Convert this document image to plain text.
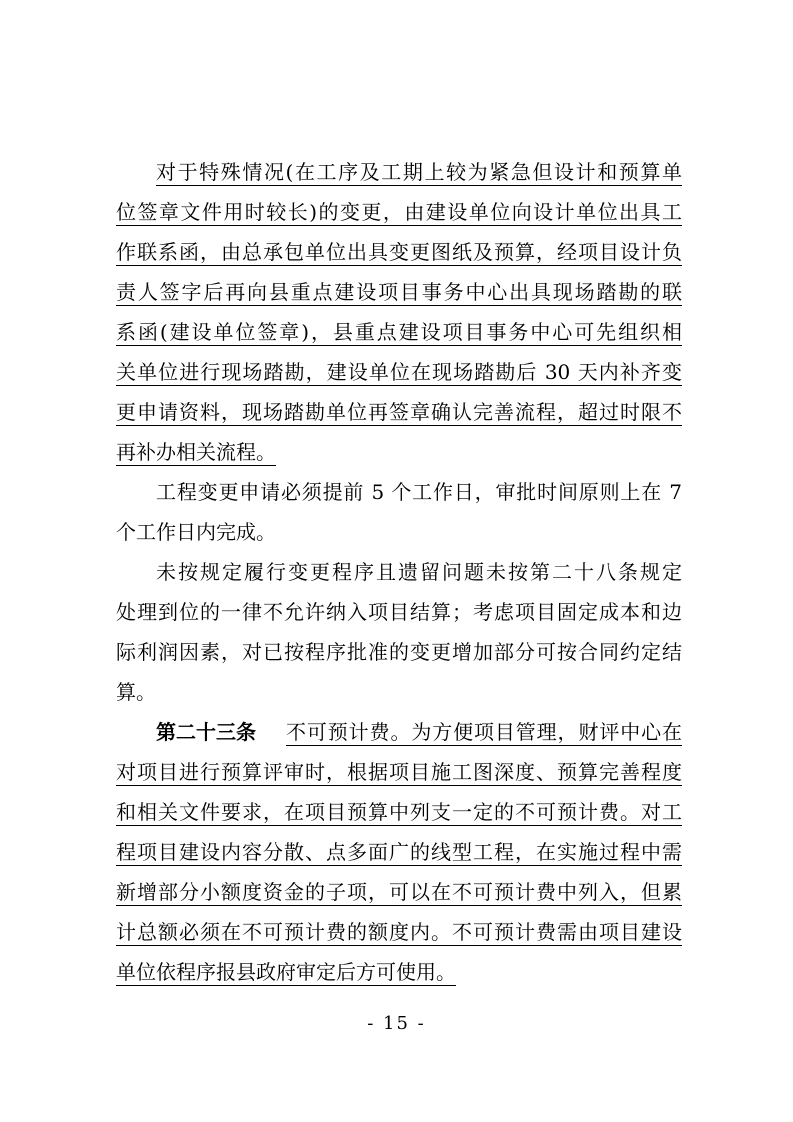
对于特殊情况(在工序及工期上较为紧急但设计和预算单
位签章文件用时较长)的变更，由建设单位向设计单位出具工
作联系函，由总承包单位出具变更图纸及预算，经项目设计负
责人签字后再向县重点建设项目事务中心出具现场踏勘的联
系函(建设单位签章)，县重点建设项目事务中心可先组织相
关单位进行现场踏勘，建设单位在现场踏勘后 30 天内补齐变
更申请资料，现场踏勘单位再签章确认完善流程，超过时限不
再补办相关流程。
工程变更申请必须提前 5 个工作日，审批时间原则上在 7
个工作日内完成。
未按规定履行变更程序且遗留问题未按第二十八条规定
处理到位的一律不允许纳入项目结算；考虑项目固定成本和边
际利润因素，对已按程序批准的变更增加部分可按合同约定结
算。
第二十三条 不可预计费。为方便项目管理，财评中心在
对项目进行预算评审时，根据项目施工图深度、预算完善程度
和相关文件要求，在项目预算中列支一定的不可预计费。对工
程项目建设内容分散、点多面广的线型工程，在实施过程中需
新增部分小额度资金的子项，可以在不可预计费中列入，但累
计总额必须在不可预计费的额度内。不可预计费需由项目建设
单位依程序报县政府审定后方可使用。
- 15 -
